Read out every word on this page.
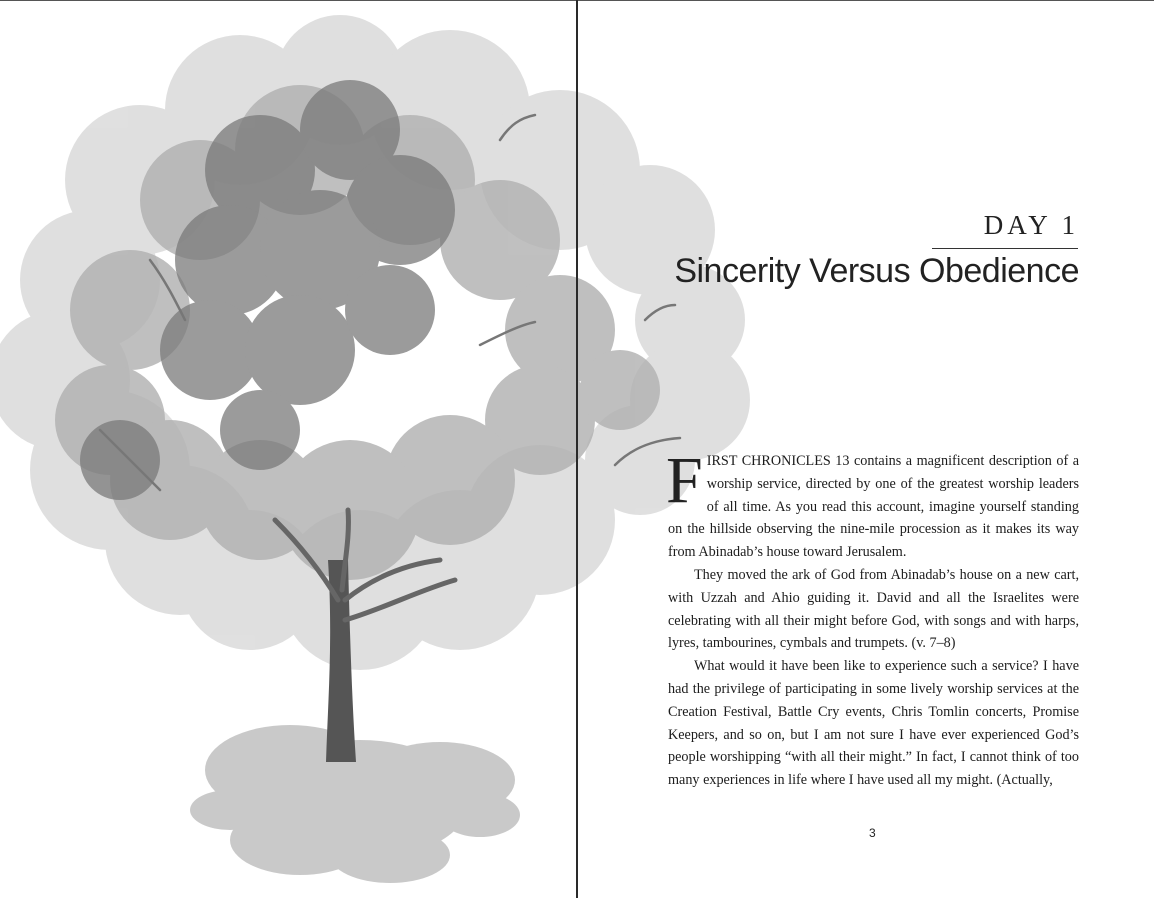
DAY 1
Sincerity Versus Obedience

FIRST CHRONICLES 13 contains a magnificent description of a worship service, directed by one of the greatest worship leaders of all time. As you read this account, imagine yourself standing on the hillside observing the nine-mile procession as it makes its way from Abinadab’s house toward Jerusalem.

They moved the ark of God from Abinadab’s house on a new cart, with Uzzah and Ahio guiding it. David and all the Israelites were celebrating with all their might before God, with songs and with harps, lyres, tambourines, cymbals and trumpets. (v. 7–8)

What would it have been like to experience such a service? I have had the privilege of participating in some lively worship services at the Creation Festival, Battle Cry events, Chris Tomlin concerts, Promise Keepers, and so on, but I am not sure I have ever experienced God’s people worshipping “with all their might.” In fact, I cannot think of too many experiences in life where I have used all my might. (Actually,

3
